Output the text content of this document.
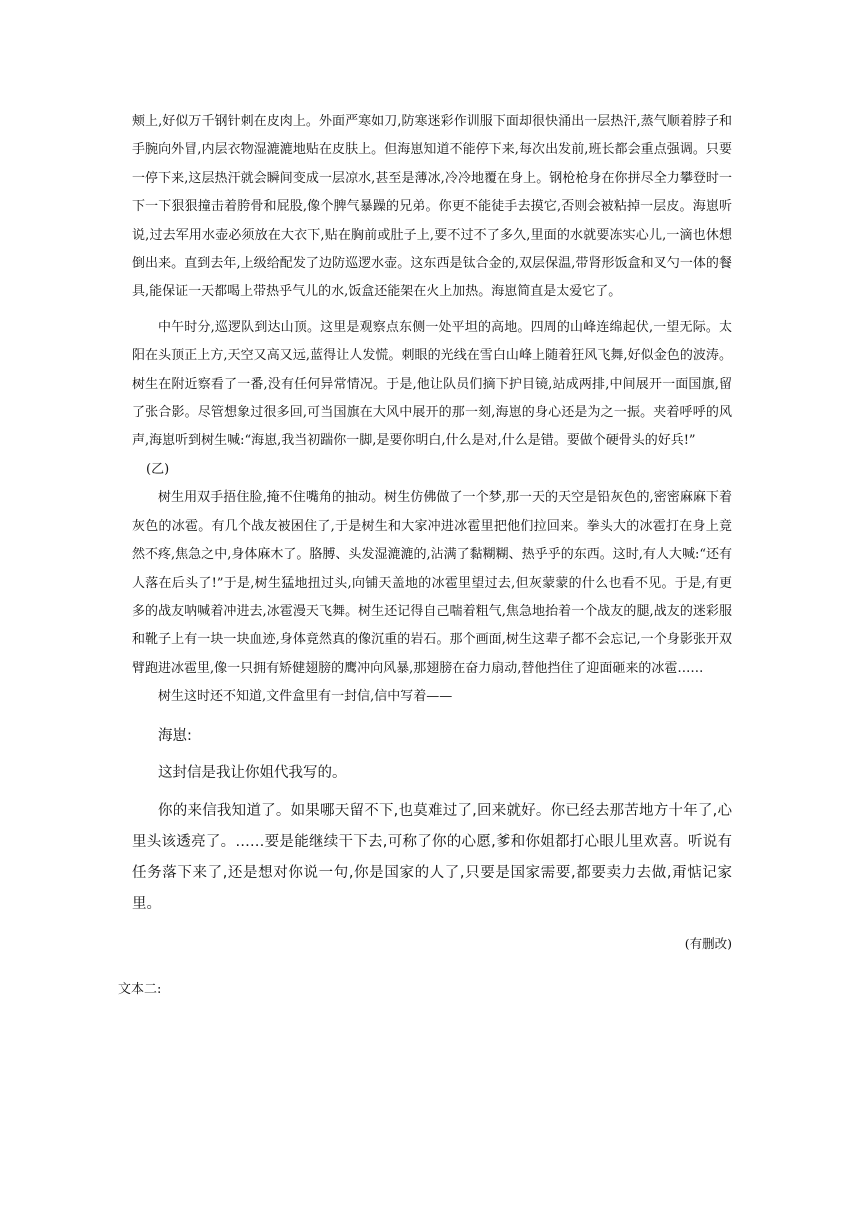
颊上,好似万千钢针刺在皮肉上。外面严寒如刀,防寒迷彩作训服下面却很快涌出一层热汗,蒸气顺着脖子和手腕向外冒,内层衣物湿漉漉地贴在皮肤上。但海崽知道不能停下来,每次出发前,班长都会重点强调。只要一停下来,这层热汗就会瞬间变成一层凉水,甚至是薄冰,冷冷地覆在身上。钢枪枪身在你拼尽全力攀登时一下一下狠狠撞击着胯骨和屁股,像个脾气暴躁的兄弟。你更不能徒手去摸它,否则会被粘掉一层皮。海崽听说,过去军用水壶必须放在大衣下,贴在胸前或肚子上,要不过不了多久,里面的水就要冻实心儿,一滴也休想倒出来。直到去年,上级给配发了边防巡逻水壶。这东西是钛合金的,双层保温,带肾形饭盒和叉勺一体的餐具,能保证一天都喝上带热乎气儿的水,饭盒还能架在火上加热。海崽简直是太爱它了。

中午时分,巡逻队到达山顶。这里是观察点东侧一处平坦的高地。四周的山峰连绵起伏,一望无际。太阳在头顶正上方,天空又高又远,蓝得让人发慌。刺眼的光线在雪白山峰上随着狂风飞舞,好似金色的波涛。树生在附近察看了一番,没有任何异常情况。于是,他让队员们摘下护目镜,站成两排,中间展开一面国旗,留了张合影。尽管想象过很多回,可当国旗在大风中展开的那一刻,海崽的身心还是为之一振。夹着呼呼的风声,海崽听到树生喊:“海崽,我当初踹你一脚,是要你明白,什么是对,什么是错。要做个硬骨头的好兵!”

(乙)

树生用双手捂住脸,掩不住嘴角的抽动。树生仿佛做了一个梦,那一天的天空是铅灰色的,密密麻麻下着灰色的冰雹。有几个战友被困住了,于是树生和大家冲进冰雹里把他们拉回来。拳头大的冰雹打在身上竟然不疼,焦急之中,身体麻木了。胳膊、头发湿漉漉的,沾满了黏糊糊、热乎乎的东西。这时,有人大喊:“还有人落在后头了!”于是,树生猛地扭过头,向铺天盖地的冰雹里望过去,但灰蒙蒙的什么也看不见。于是,有更多的战友呐喊着冲进去,冰雹漫天飞舞。树生还记得自己喘着粗气,焦急地抬着一个战友的腿,战友的迷彩服和靴子上有一块一块血迹,身体竟然真的像沉重的岩石。那个画面,树生这辈子都不会忘记,一个身影张开双臂跑进冰雹里,像一只拥有矫健翅膀的鹰冲向风暴,那翅膀在奋力扇动,替他挡住了迎面砸来的冰雹……

树生这时还不知道,文件盒里有一封信,信中写着——

海崽:

这封信是我让你姐代我写的。

你的来信我知道了。如果哪天留不下,也莫难过了,回来就好。你已经去那苦地方十年了,心里头该透亮了。……要是能继续干下去,可称了你的心愿,爹和你姐都打心眼儿里欢喜。听说有任务落下来了,还是想对你说一句,你是国家的人了,只要是国家需要,都要卖力去做,甭惦记家里。

(有删改)

文本二:
